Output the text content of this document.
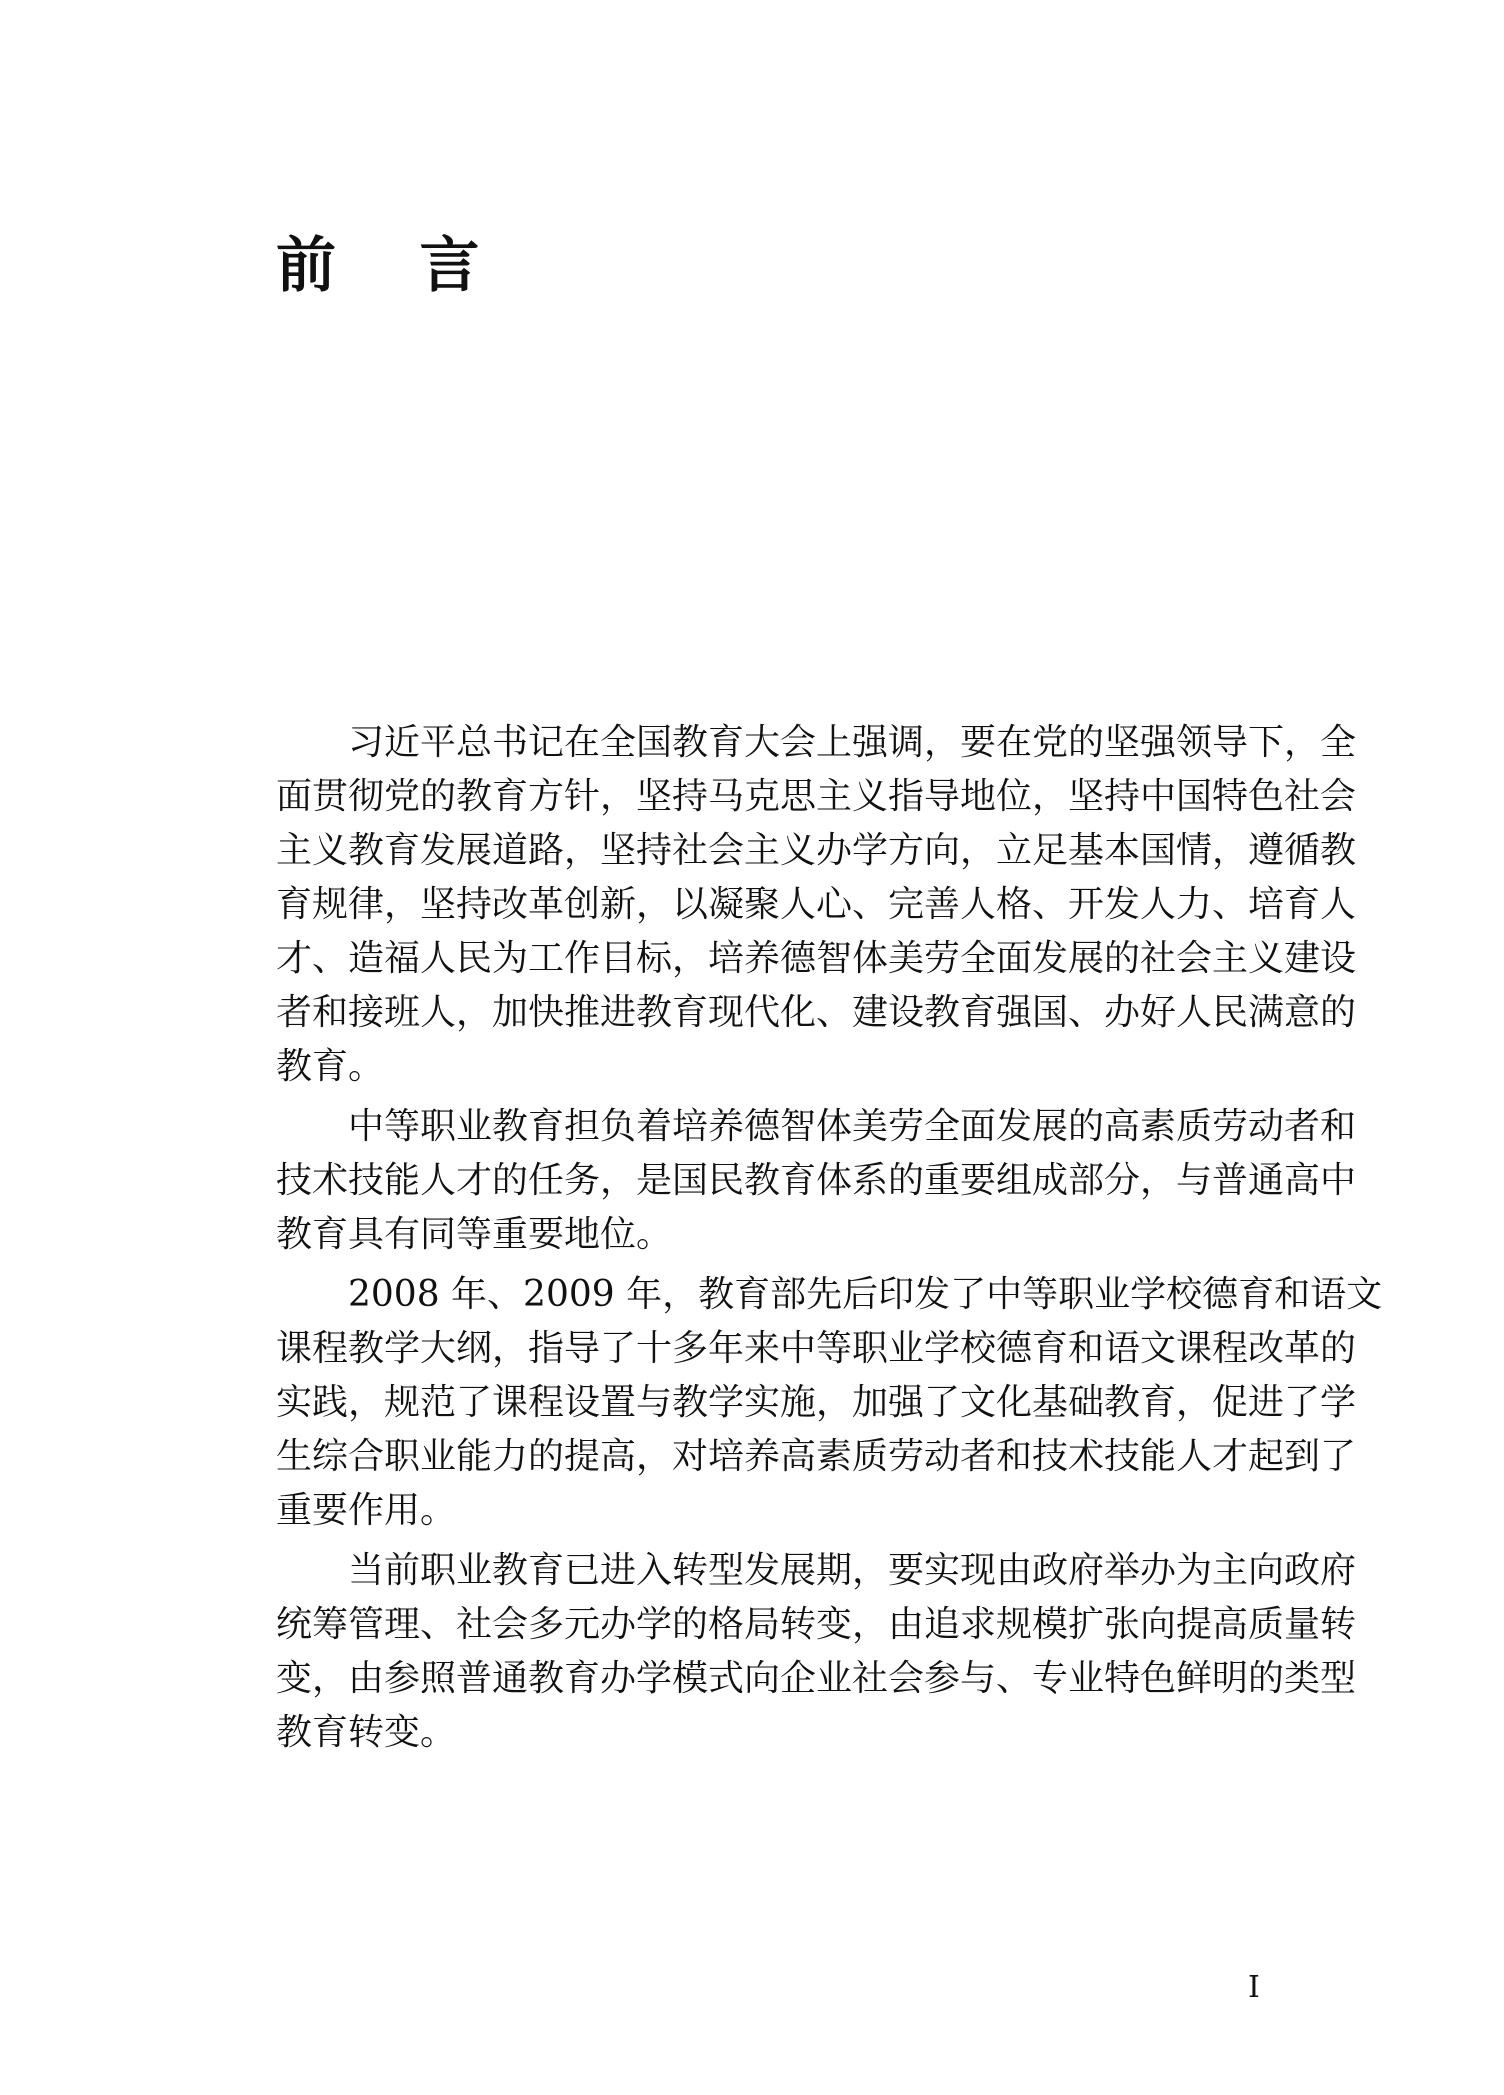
前    言
习近平总书记在全国教育大会上强调，要在党的坚强领导下，全
面贯彻党的教育方针，坚持马克思主义指导地位，坚持中国特色社会
主义教育发展道路，坚持社会主义办学方向，立足基本国情，遵循教
育规律，坚持改革创新，以凝聚人心、完善人格、开发人力、培育人
才、造福人民为工作目标，培养德智体美劳全面发展的社会主义建设
者和接班人，加快推进教育现代化、建设教育强国、办好人民满意的
教育。
中等职业教育担负着培养德智体美劳全面发展的高素质劳动者和
技术技能人才的任务，是国民教育体系的重要组成部分，与普通高中
教育具有同等重要地位。
2008 年、2009 年，教育部先后印发了中等职业学校德育和语文
课程教学大纲，指导了十多年来中等职业学校德育和语文课程改革的
实践，规范了课程设置与教学实施，加强了文化基础教育，促进了学
生综合职业能力的提高，对培养高素质劳动者和技术技能人才起到了
重要作用。
当前职业教育已进入转型发展期，要实现由政府举办为主向政府
统筹管理、社会多元办学的格局转变，由追求规模扩张向提高质量转
变，由参照普通教育办学模式向企业社会参与、专业特色鲜明的类型
教育转变。
I
